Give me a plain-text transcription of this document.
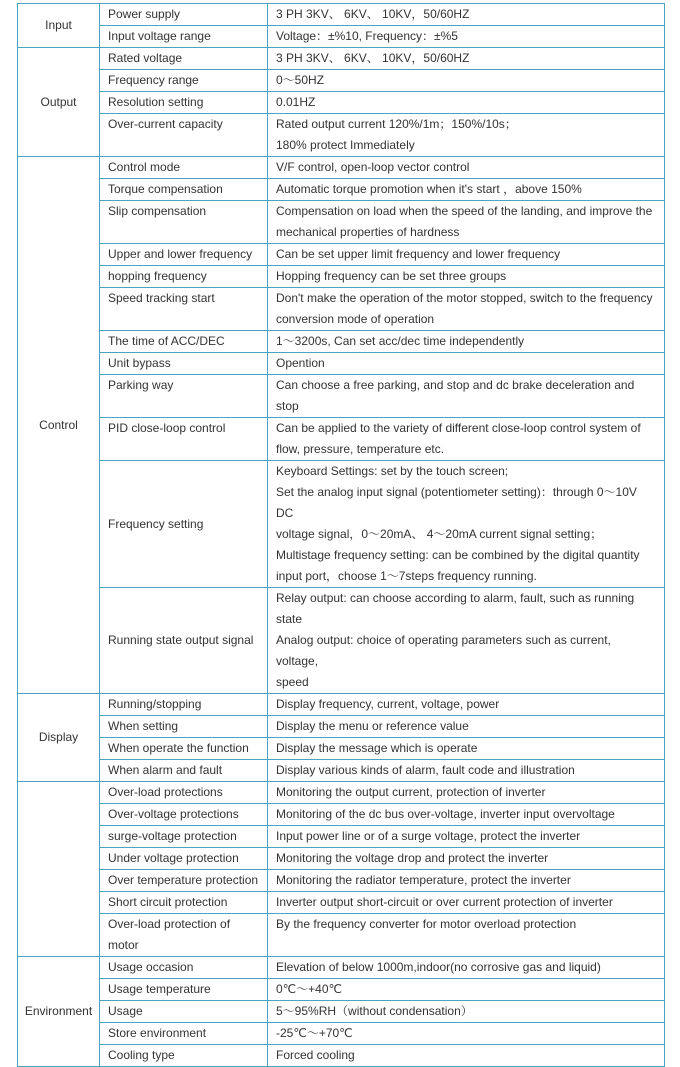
Input	Power supply	3 PH 3KV、 6KV、 10KV，50/60HZ

	Input voltage range	Voltage：±%10, Frequency：±%5

Output	Rated voltage	3 PH 3KV、 6KV、 10KV，50/60HZ

	Frequency range	0～50HZ

	Resolution setting	0.01HZ

	Over-current capacity	Rated output current 120%/1m；150%/10s；
180% protect Immediately

Control	Control mode	V/F control, open-loop vector control

	Torque compensation	Automatic torque promotion when it's start ，above 150%

	Slip compensation	Compensation on load when the speed of the landing, and improve the
mechanical properties of hardness

	Upper and lower frequency	Can be set upper limit frequency and lower frequency

	hopping frequency	Hopping frequency can be set three groups

	Speed tracking start	Don't make the operation of the motor stopped, switch to the frequency
conversion mode of operation

	The time of ACC/DEC	1～3200s, Can set acc/dec time independently

	Unit bypass	Opention

	Parking way	Can choose a free parking, and stop and dc brake deceleration and stop

	PID close-loop control	Can be applied to the variety of different close-loop control system of
flow, pressure, temperature etc.

	Frequency setting	Keyboard Settings: set by the touch screen;
Set the analog input signal (potentiometer setting)：through 0～10V DC
voltage signal，0～20mA、 4～20mA current signal setting；
Multistage frequency setting: can be combined by the digital quantity
input port，choose 1～7steps frequency running.

	Running state output signal	Relay output: can choose according to alarm, fault, such as running
state
Analog output: choice of operating parameters such as current, voltage,
speed

Display	Running/stopping	Display frequency, current, voltage, power

	When setting	Display the menu or reference value

	When operate the function	Display the message which is operate

	When alarm and fault	Display various kinds of alarm, fault code and illustration

	Over-load protections	Monitoring the output current, protection of inverter

	Over-voltage protections	Monitoring of the dc bus over-voltage, inverter input overvoltage

	surge-voltage protection	Input power line or of a surge voltage, protect the inverter

	Under voltage protection	Monitoring the voltage drop and protect the inverter

	Over temperature protection	Monitoring the radiator temperature, protect the inverter

	Short circuit protection	Inverter output short-circuit or over current protection of inverter

	Over-load protection of
motor	By the frequency converter for motor overload protection

Environment	Usage occasion	Elevation of below 1000m,indoor(no corrosive gas and liquid)

	Usage temperature	0℃～+40℃

	Usage	5～95%RH（without condensation）

	Store environment	-25℃～+70℃

	Cooling type	Forced cooling
